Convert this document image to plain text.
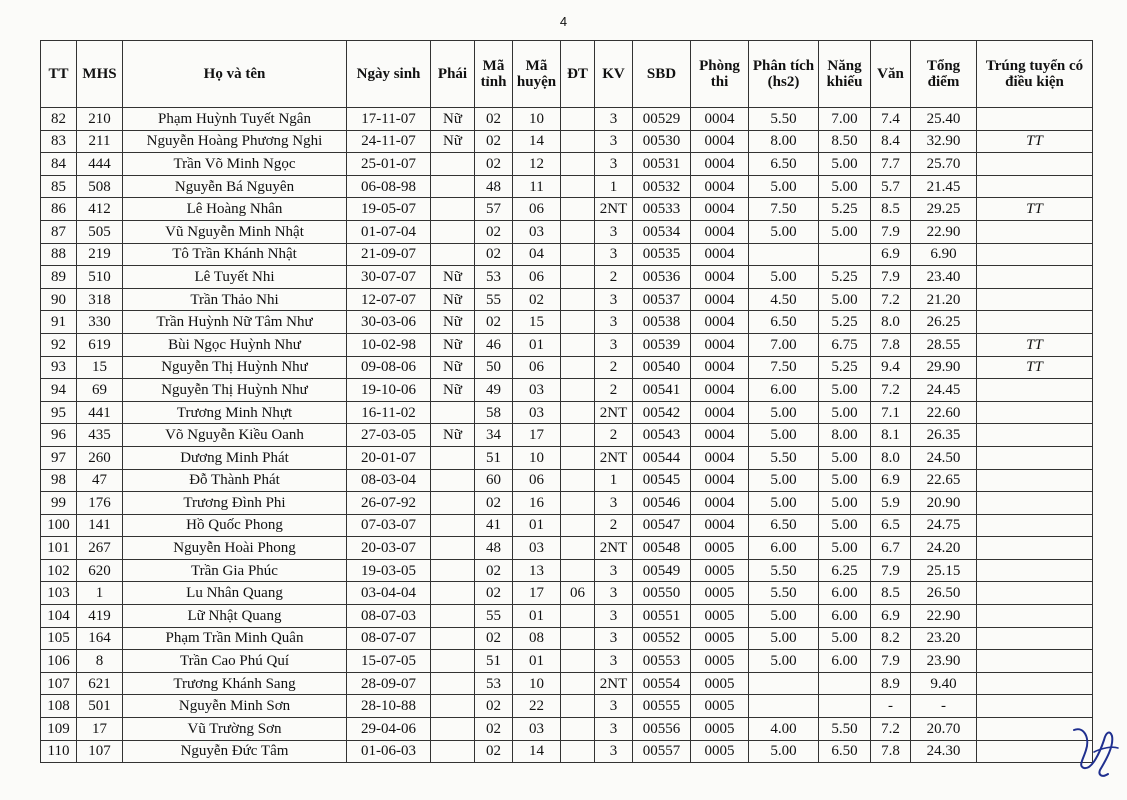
4
TT	MHS	Họ và tên	Ngày sinh	Phái	Mã tỉnh	Mã huyện	ĐT	KV	SBD	Phòng thi	Phân tích (hs2)	Năng khiếu	Văn	Tổng điểm	Trúng tuyển có điều kiện
82	210	Phạm Huỳnh Tuyết Ngân	17-11-07	Nữ	02	10		3	00529	0004	5.50	7.00	7.4	25.40	
83	211	Nguyễn Hoàng Phương Nghi	24-11-07	Nữ	02	14		3	00530	0004	8.00	8.50	8.4	32.90	TT
84	444	Trần Võ Minh Ngọc	25-01-07		02	12		3	00531	0004	6.50	5.00	7.7	25.70	
85	508	Nguyễn Bá Nguyên	06-08-98		48	11		1	00532	0004	5.00	5.00	5.7	21.45	
86	412	Lê Hoàng Nhân	19-05-07		57	06		2NT	00533	0004	7.50	5.25	8.5	29.25	TT
87	505	Vũ Nguyễn Minh Nhật	01-07-04		02	03		3	00534	0004	5.00	5.00	7.9	22.90	
88	219	Tô Trần Khánh Nhật	21-09-07		02	04		3	00535	0004			6.9	6.90	
89	510	Lê Tuyết Nhi	30-07-07	Nữ	53	06		2	00536	0004	5.00	5.25	7.9	23.40	
90	318	Trần Thảo Nhi	12-07-07	Nữ	55	02		3	00537	0004	4.50	5.00	7.2	21.20	
91	330	Trần Huỳnh Nữ Tâm Như	30-03-06	Nữ	02	15		3	00538	0004	6.50	5.25	8.0	26.25	
92	619	Bùi Ngọc Huỳnh Như	10-02-98	Nữ	46	01		3	00539	0004	7.00	6.75	7.8	28.55	TT
93	15	Nguyễn Thị Huỳnh Như	09-08-06	Nữ	50	06		2	00540	0004	7.50	5.25	9.4	29.90	TT
94	69	Nguyễn Thị Huỳnh Như	19-10-06	Nữ	49	03		2	00541	0004	6.00	5.00	7.2	24.45	
95	441	Trương Minh Nhựt	16-11-02		58	03		2NT	00542	0004	5.00	5.00	7.1	22.60	
96	435	Võ Nguyễn Kiều Oanh	27-03-05	Nữ	34	17		2	00543	0004	5.00	8.00	8.1	26.35	
97	260	Dương Minh Phát	20-01-07		51	10		2NT	00544	0004	5.50	5.00	8.0	24.50	
98	47	Đỗ Thành Phát	08-03-04		60	06		1	00545	0004	5.00	5.00	6.9	22.65	
99	176	Trương Đình Phi	26-07-92		02	16		3	00546	0004	5.00	5.00	5.9	20.90	
100	141	Hồ Quốc Phong	07-03-07		41	01		2	00547	0004	6.50	5.00	6.5	24.75	
101	267	Nguyễn Hoài Phong	20-03-07		48	03		2NT	00548	0005	6.00	5.00	6.7	24.20	
102	620	Trần Gia Phúc	19-03-05		02	13		3	00549	0005	5.50	6.25	7.9	25.15	
103	1	Lu Nhân Quang	03-04-04		02	17	06	3	00550	0005	5.50	6.00	8.5	26.50	
104	419	Lữ Nhật Quang	08-07-03		55	01		3	00551	0005	5.00	6.00	6.9	22.90	
105	164	Phạm Trần Minh Quân	08-07-07		02	08		3	00552	0005	5.00	5.00	8.2	23.20	
106	8	Trần Cao Phú Quí	15-07-05		51	01		3	00553	0005	5.00	6.00	7.9	23.90	
107	621	Trương Khánh Sang	28-09-07		53	10		2NT	00554	0005			8.9	9.40	
108	501	Nguyễn Minh Sơn	28-10-88		02	22		3	00555	0005			-	-	
109	17	Vũ Trường Sơn	29-04-06		02	03		3	00556	0005	4.00	5.50	7.2	20.70	
110	107	Nguyễn Đức Tâm	01-06-03		02	14		3	00557	0005	5.00	6.50	7.8	24.30	
